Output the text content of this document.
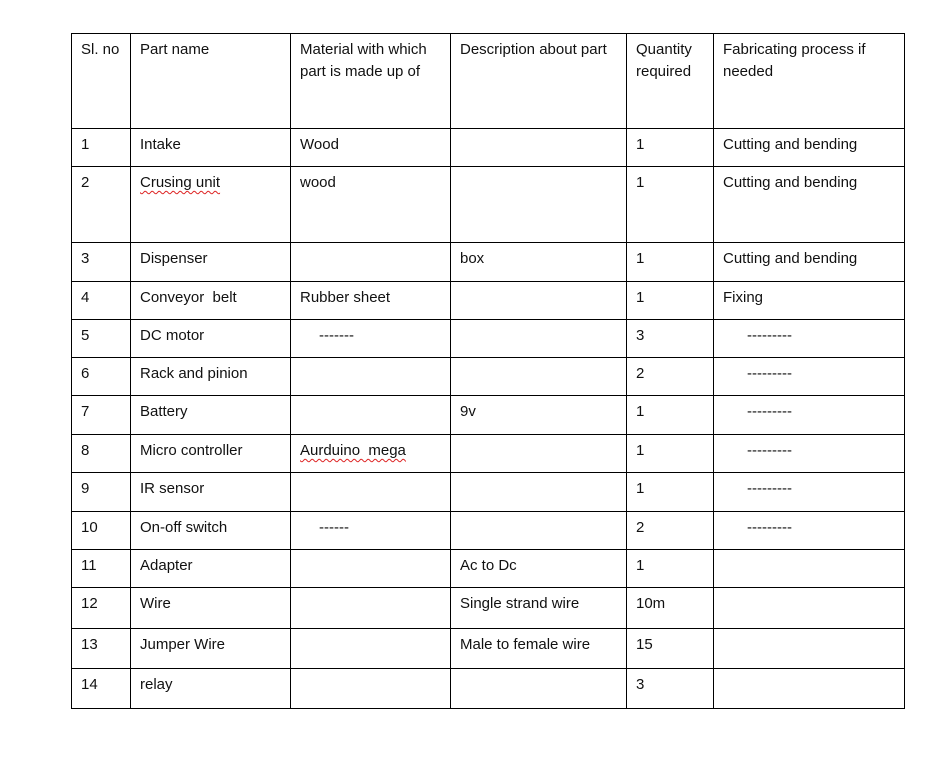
Sl. no	Part name	Material with which part is made up of	Description about part	Quantity required	Fabricating process if needed
1	Intake	Wood		1	Cutting and bending
2	Crusing unit	wood		1	Cutting and bending
3	Dispenser		box	1	Cutting and bending
4	Conveyor  belt	Rubber sheet		1	Fixing
5	DC motor	-------		3	---------
6	Rack and pinion			2	---------
7	Battery		9v	1	---------
8	Micro controller	Aurduino  mega		1	---------
9	IR sensor			1	---------
10	On-off switch	------		2	---------
11	Adapter		Ac to Dc	1	
12	Wire		Single strand wire	10m	
13	Jumper Wire		Male to female wire	15	
14	relay			3	
